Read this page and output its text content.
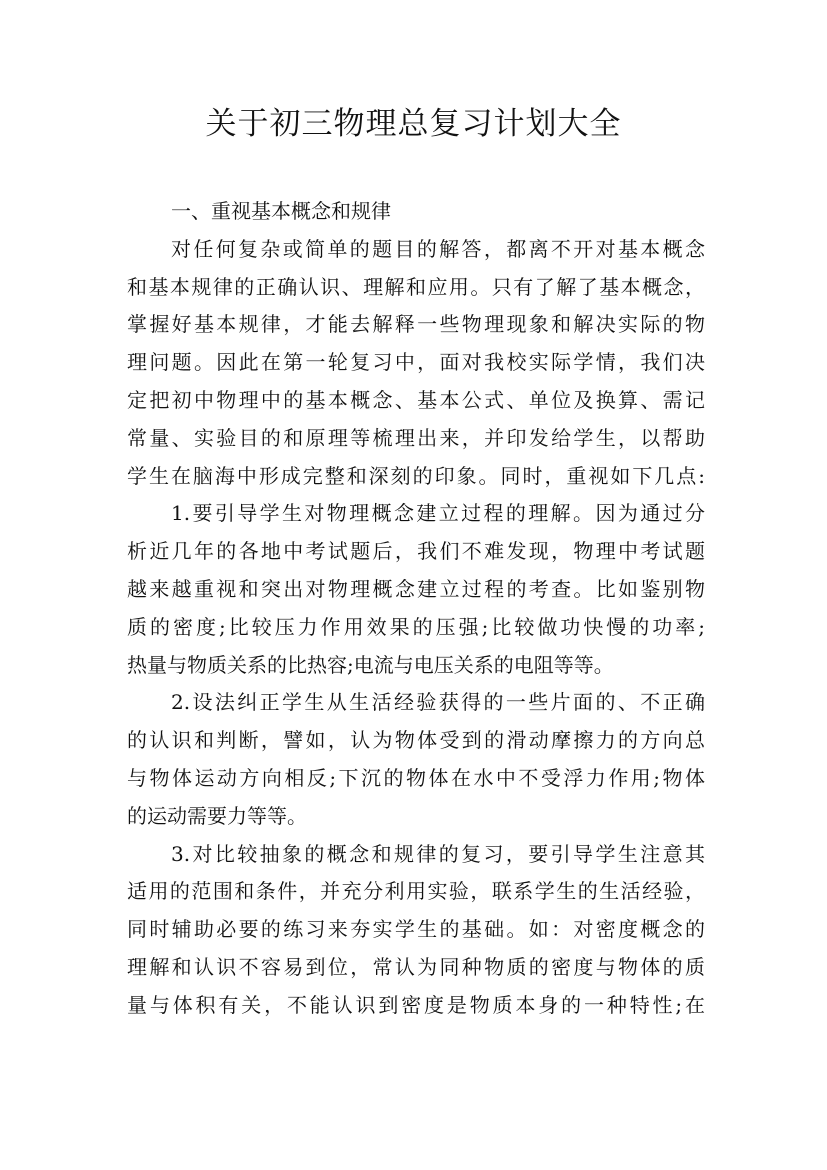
关于初三物理总复习计划大全
一、重视基本概念和规律
对任何复杂或简单的题目的解答，都离不开对基本概念
和基本规律的正确认识、理解和应用。只有了解了基本概念，
掌握好基本规律，才能去解释一些物理现象和解决实际的物
理问题。因此在第一轮复习中，面对我校实际学情，我们决
定把初中物理中的基本概念、基本公式、单位及换算、需记
常量、实验目的和原理等梳理出来，并印发给学生，以帮助
学生在脑海中形成完整和深刻的印象。同时，重视如下几点:
1.要引导学生对物理概念建立过程的理解。因为通过分
析近几年的各地中考试题后，我们不难发现，物理中考试题
越来越重视和突出对物理概念建立过程的考查。比如鉴别物
质的密度;比较压力作用效果的压强;比较做功快慢的功率;
热量与物质关系的比热容;电流与电压关系的电阻等等。
2.设法纠正学生从生活经验获得的一些片面的、不正确
的认识和判断，譬如，认为物体受到的滑动摩擦力的方向总
与物体运动方向相反;下沉的物体在水中不受浮力作用;物体
的运动需要力等等。
3.对比较抽象的概念和规律的复习，要引导学生注意其
适用的范围和条件，并充分利用实验，联系学生的生活经验，
同时辅助必要的练习来夯实学生的基础。如：对密度概念的
理解和认识不容易到位，常认为同种物质的密度与物体的质
量与体积有关，不能认识到密度是物质本身的一种特性;在
